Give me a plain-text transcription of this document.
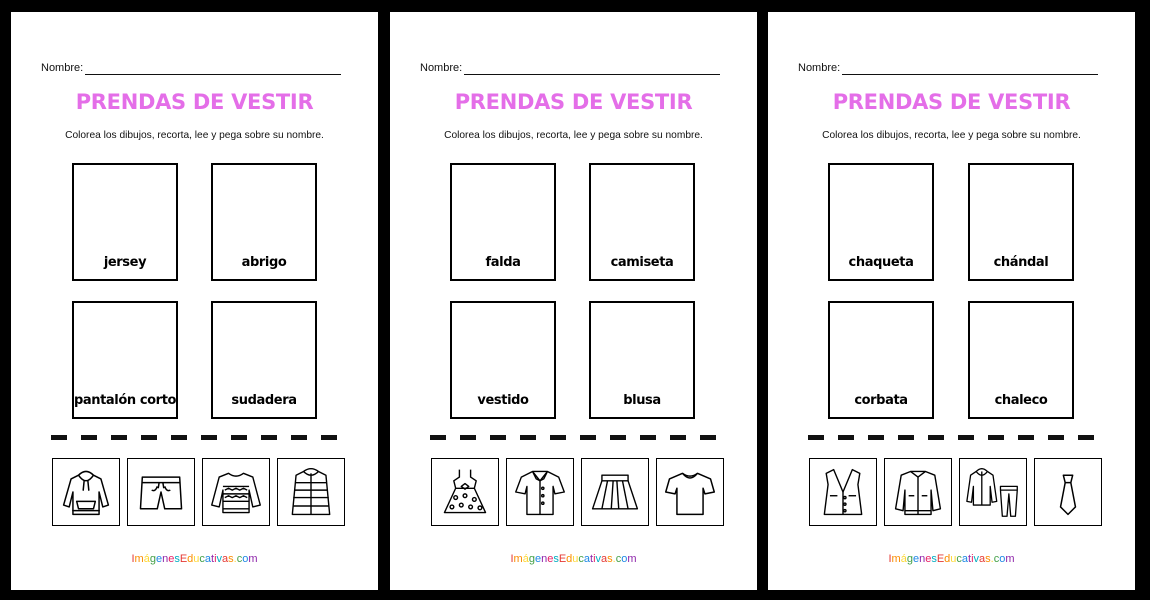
Nombre:
PRENDAS DE VESTIR
Colorea los dibujos, recorta, lee y pega sobre su nombre.
jersey	abrigo
pantalón corto	sudadera
ImágenesEducativas.com
Nombre:
PRENDAS DE VESTIR
Colorea los dibujos, recorta, lee y pega sobre su nombre.
falda	camiseta
vestido	blusa
ImágenesEducativas.com
Nombre:
PRENDAS DE VESTIR
Colorea los dibujos, recorta, lee y pega sobre su nombre.
chaqueta	chándal
corbata	chaleco
ImágenesEducativas.com
